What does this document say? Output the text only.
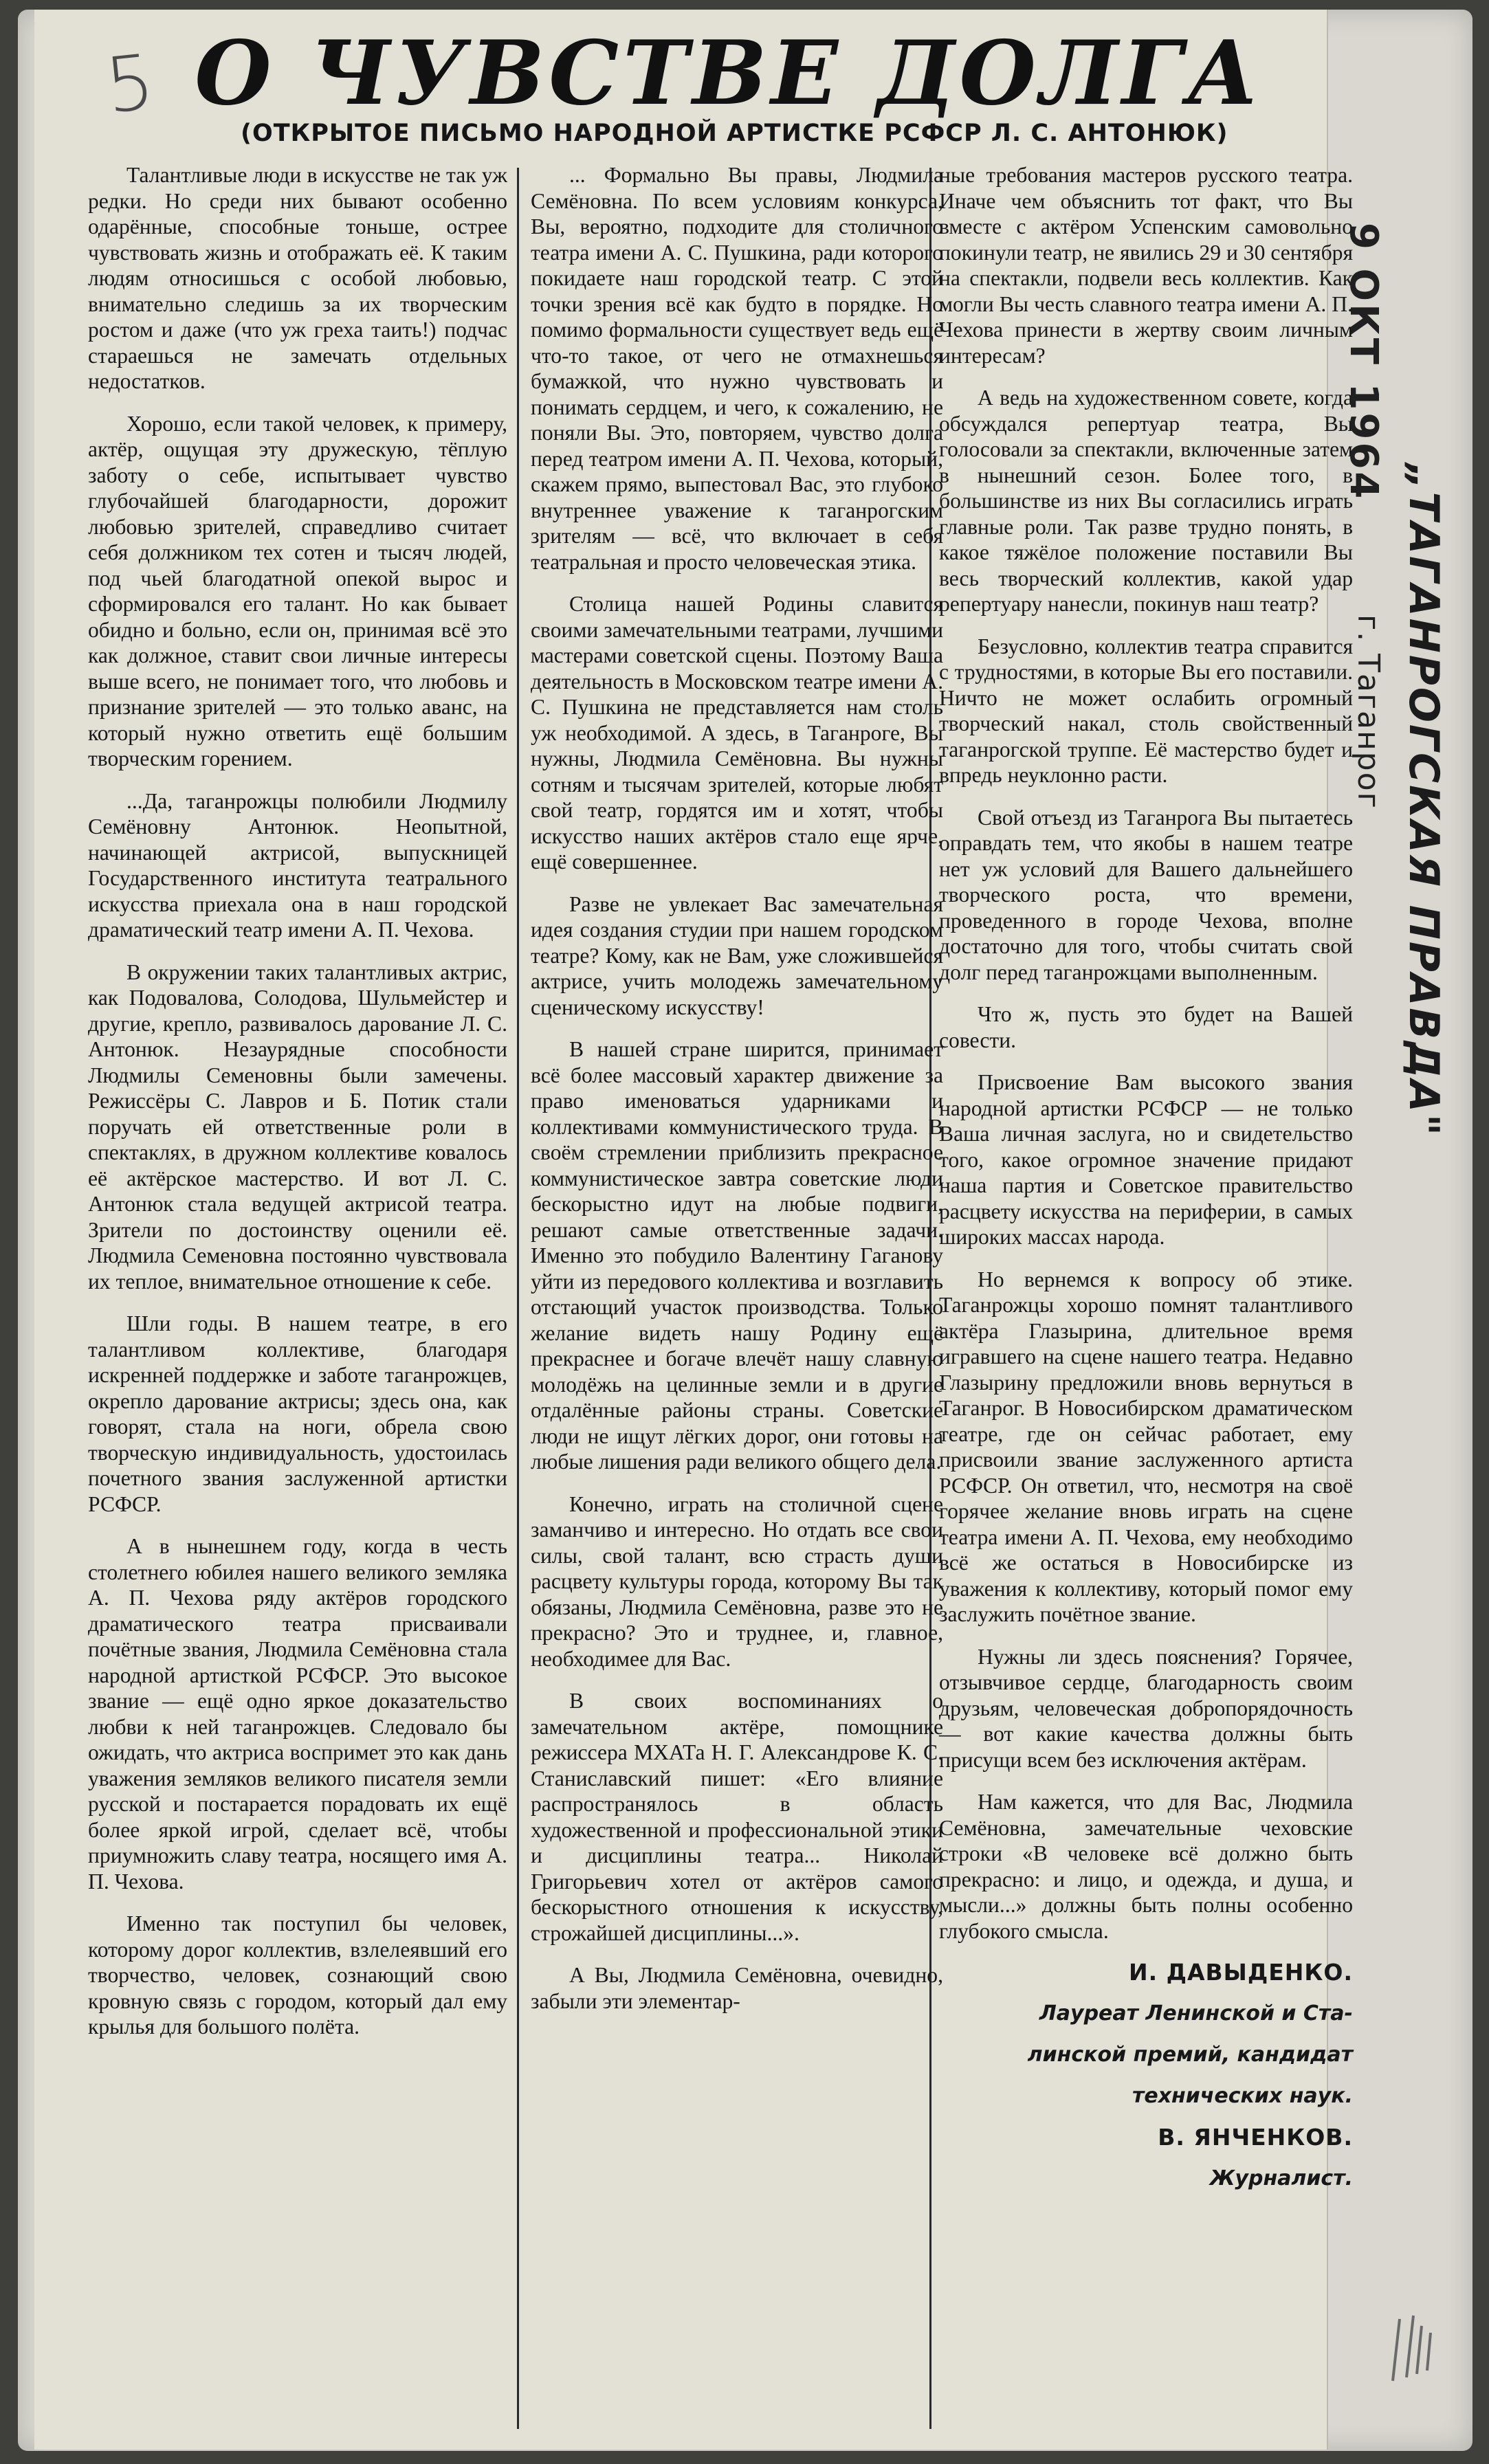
5 О ЧУВСТВЕ ДОЛГА
(ОТКРЫТОЕ ПИСЬМО НАРОДНОЙ АРТИСТКЕ РСФСР Л. С. АНТОНЮК)

Талантливые люди в искусстве не так уж редки. Но среди них бывают особенно одарённые, способные тоньше, острее чувствовать жизнь и отображать её. К таким людям относишься с особой любовью, внимательно следишь за их творческим ростом и даже (что уж греха таить!) подчас стараешься не замечать отдельных недостатков.

Хорошо, если такой человек, к примеру, актёр, ощущая эту дружескую, тёплую заботу о себе, испытывает чувство глубочайшей благодарности, дорожит любовью зрителей, справедливо считает себя должником тех сотен и тысяч людей, под чьей благодатной опекой вырос и сформировался его талант. Но как бывает обидно и больно, если он, принимая всё это как должное, ставит свои личные интересы выше всего, не понимает того, что любовь и признание зрителей — это только аванс, на который нужно ответить ещё большим творческим горением.

...Да, таганрожцы полюбили Людмилу Семёновну Антонюк. Неопытной, начинающей актрисой, выпускницей Государственного института театрального искусства приехала она в наш городской драматический театр имени А. П. Чехова.

В окружении таких талантливых актрис, как Подовалова, Солодова, Шульмейстер и другие, крепло, развивалось дарование Л. С. Антонюк. Незаурядные способности Людмилы Семеновны были замечены. Режиссёры С. Лавров и Б. Потик стали поручать ей ответственные роли в спектаклях, в дружном коллективе ковалось её актёрское мастерство. И вот Л. С. Антонюк стала ведущей актрисой театра. Зрители по достоинству оценили её. Людмила Семеновна постоянно чувствовала их теплое, внимательное отношение к себе.

Шли годы. В нашем театре, в его талантливом коллективе, благодаря искренней поддержке и заботе таганрожцев, окрепло дарование актрисы; здесь она, как говорят, стала на ноги, обрела свою творческую индивидуальность, удостоилась почетного звания заслуженной артистки РСФСР.

А в нынешнем году, когда в честь столетнего юбилея нашего великого земляка А. П. Чехова ряду актёров городского драматического театра присваивали почётные звания, Людмила Семёновна стала народной артисткой РСФСР. Это высокое звание — ещё одно яркое доказательство любви к ней таганрожцев. Следовало бы ожидать, что актриса воспримет это как дань уважения земляков великого писателя земли русской и постарается порадовать их ещё более яркой игрой, сделает всё, чтобы приумножить славу театра, носящего имя А. П. Чехова.

Именно так поступил бы человек, которому дорог коллектив, взлелеявший его творчество, человек, сознающий свою кровную связь с городом, который дал ему крылья для большого полёта.

... Формально Вы правы, Людмила Семёновна. По всем условиям конкурса, Вы, вероятно, подходите для столичного театра имени А. С. Пушкина, ради которого покидаете наш городской театр. С этой точки зрения всё как будто в порядке. Но помимо формальности существует ведь ещё что-то такое, от чего не отмахнешься бумажкой, что нужно чувствовать и понимать сердцем, и чего, к сожалению, не поняли Вы. Это, повторяем, чувство долга перед театром имени А. П. Чехова, который, скажем прямо, выпестовал Вас, это глубоко внутреннее уважение к таганрогским зрителям — всё, что включает в себя театральная и просто человеческая этика.

Столица нашей Родины славится своими замечательными театрами, лучшими мастерами советской сцены. Поэтому Ваша деятельность в Московском театре имени А. С. Пушкина не представляется нам столь уж необходимой. А здесь, в Таганроге, Вы нужны, Людмила Семёновна. Вы нужны сотням и тысячам зрителей, которые любят свой театр, гордятся им и хотят, чтобы искусство наших актёров стало еще ярче, ещё совершеннее.

Разве не увлекает Вас замечательная идея создания студии при нашем городском театре? Кому, как не Вам, уже сложившейся актрисе, учить молодежь замечательному сценическому искусству!

В нашей стране ширится, принимает всё более массовый характер движение за право именоваться ударниками и коллективами коммунистического труда. В своём стремлении приблизить прекрасное коммунистическое завтра советские люди бескорыстно идут на любые подвиги, решают самые ответственные задачи. Именно это побудило Валентину Гаганову уйти из передового коллектива и возглавить отстающий участок производства. Только желание видеть нашу Родину ещё прекраснее и богаче влечёт нашу славную молодёжь на целинные земли и в другие отдалённые районы страны. Советские люди не ищут лёгких дорог, они готовы на любые лишения ради великого общего дела.

Конечно, играть на столичной сцене заманчиво и интересно. Но отдать все свои силы, свой талант, всю страсть души расцвету культуры города, которому Вы так обязаны, Людмила Семёновна, разве это не прекрасно? Это и труднее, и, главное, необходимее для Вас.

В своих воспоминаниях о замечательном актёре, помощнике режиссера МХАТа Н. Г. Александрове К. С. Станиславский пишет: «Его влияние распространялось в область художественной и профессиональной этики и дисциплины театра... Николай Григорьевич хотел от актёров самого бескорыстного отношения к искусству, строжайшей дисциплины...».

А Вы, Людмила Семёновна, очевидно, забыли эти элементар-

ные требования мастеров русского театра. Иначе чем объяснить тот факт, что Вы вместе с актёром Успенским самовольно покинули театр, не явились 29 и 30 сентября на спектакли, подвели весь коллектив. Как могли Вы честь славного театра имени А. П. Чехова принести в жертву своим личным интересам?

А ведь на художественном совете, когда обсуждался репертуар театра, Вы голосовали за спектакли, включенные затем в нынешний сезон. Более того, в большинстве из них Вы согласились играть главные роли. Так разве трудно понять, в какое тяжёлое положение поставили Вы весь творческий коллектив, какой удар репертуару нанесли, покинув наш театр?

Безусловно, коллектив театра справится с трудностями, в которые Вы его поставили. Ничто не может ослабить огромный творческий накал, столь свойственный таганрогской труппе. Её мастерство будет и впредь неуклонно расти.

Свой отъезд из Таганрога Вы пытаетесь оправдать тем, что якобы в нашем театре нет уж условий для Вашего дальнейшего творческого роста, что времени, проведенного в городе Чехова, вполне достаточно для того, чтобы считать свой долг перед таганрожцами выполненным.

Что ж, пусть это будет на Вашей совести.

Присвоение Вам высокого звания народной артистки РСФСР — не только Ваша личная заслуга, но и свидетельство того, какое огромное значение придают наша партия и Советское правительство расцвету искусства на периферии, в самых широких массах народа.

Но вернемся к вопросу об этике. Таганрожцы хорошо помнят талантливого актёра Глазырина, длительное время игравшего на сцене нашего театра. Недавно Глазырину предложили вновь вернуться в Таганрог. В Новосибирском драматическом театре, где он сейчас работает, ему присвоили звание заслуженного артиста РСФСР. Он ответил, что, несмотря на своё горячее желание вновь играть на сцене театра имени А. П. Чехова, ему необходимо всё же остаться в Новосибирске из уважения к коллективу, который помог ему заслужить почётное звание.

Нужны ли здесь пояснения? Горячее, отзывчивое сердце, благодарность своим друзьям, человеческая добропорядочность — вот какие качества должны быть присущи всем без исключения актёрам.

Нам кажется, что для Вас, Людмила Семёновна, замечательные чеховские строки «В человеке всё должно быть прекрасно: и лицо, и одежда, и душа, и мысли...» должны быть полны особенно глубокого смысла.

И. ДАВЫДЕНКО.

Лауреат Ленинской и Ста-

линской премий, кандидат

технических наук.

В. ЯНЧЕНКОВ.

Журналист.

9 ОКТ 1964
„ТАГАНРОГСКАЯ ПРАВДА"
г. Таганрог
